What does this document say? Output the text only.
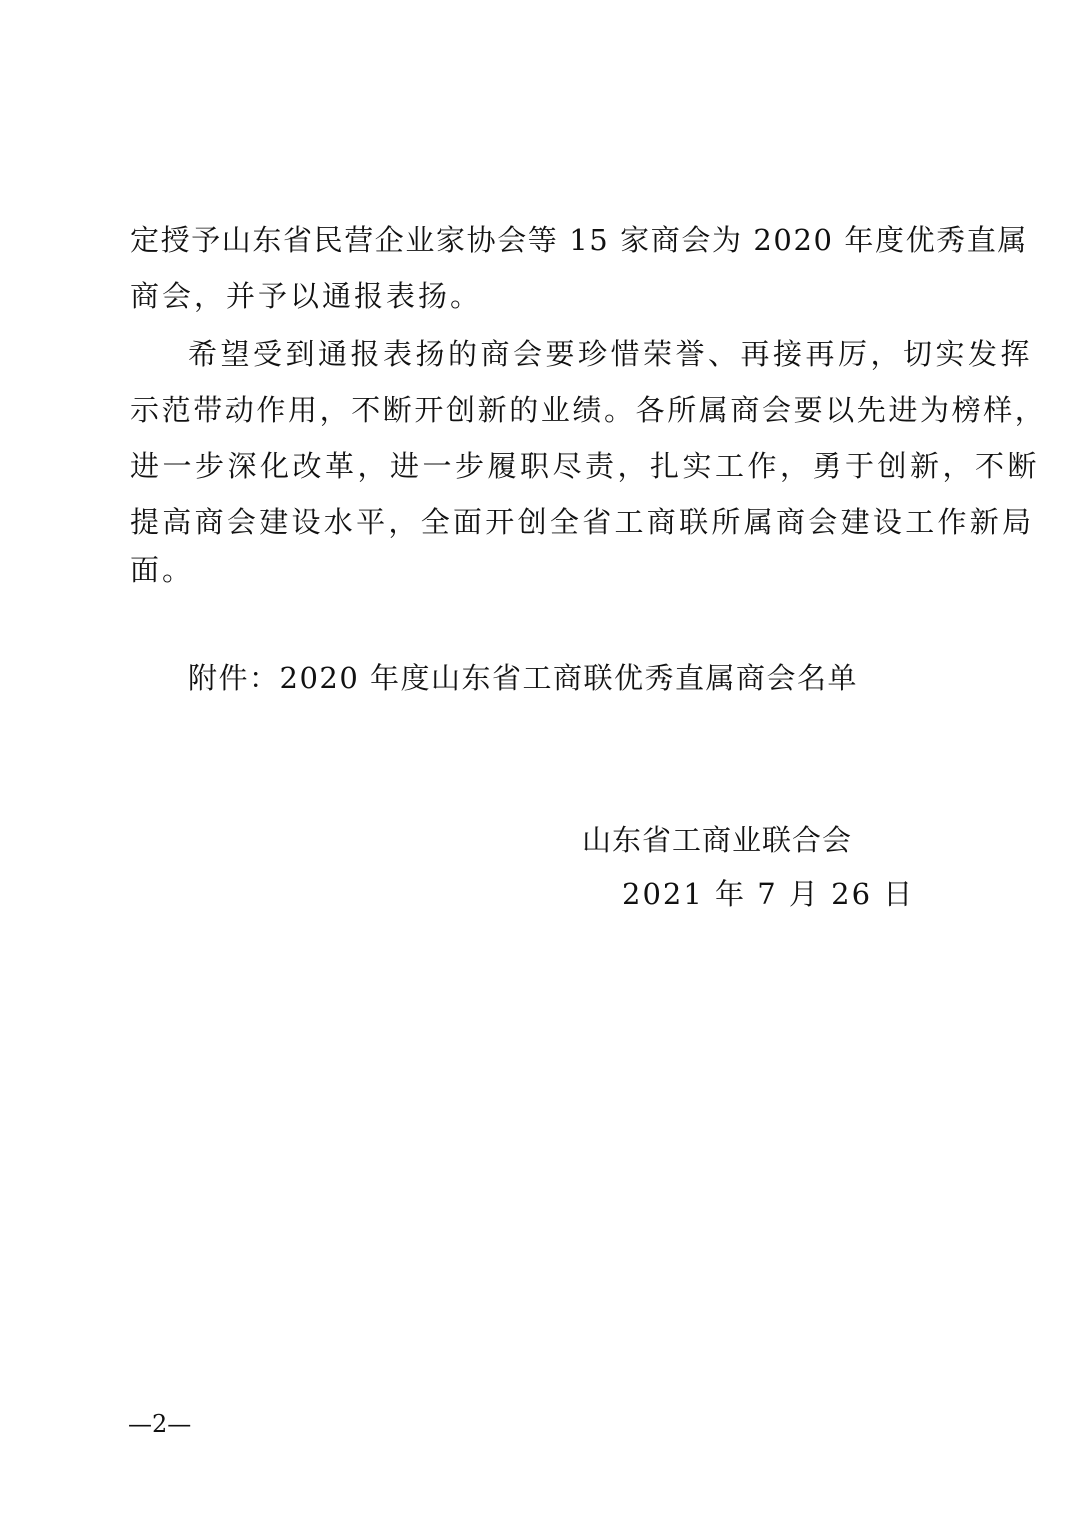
定授予山东省民营企业家协会等 15 家商会为 2020 年度优秀直属
商会，并予以通报表扬。
希望受到通报表扬的商会要珍惜荣誉、再接再厉，切实发挥
示范带动作用，不断开创新的业绩。各所属商会要以先进为榜样，
进一步深化改革，进一步履职尽责，扎实工作，勇于创新，不断
提高商会建设水平，全面开创全省工商联所属商会建设工作新局
面。
附件：2020 年度山东省工商联优秀直属商会名单
山东省工商业联合会
2021 年 7 月 26 日
—2—
